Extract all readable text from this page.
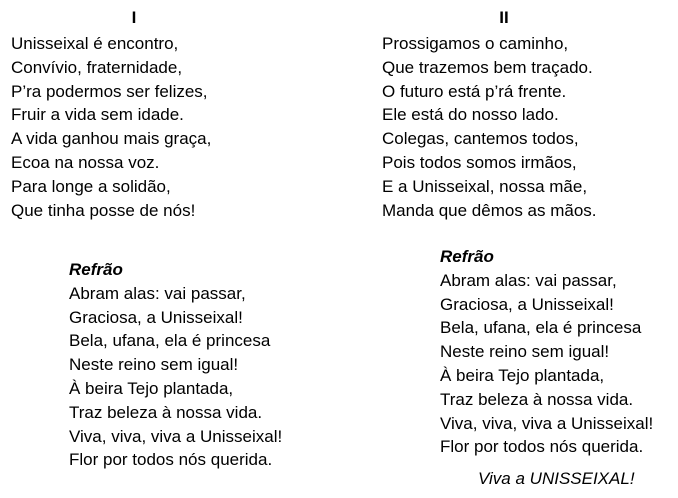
I	II
Unisseixal é encontro,
Convívio, fraternidade,
P’ra podermos ser felizes,
Fruir a vida sem idade.
A vida ganhou mais graça,
Ecoa na nossa voz.
Para longe a solidão,
Que tinha posse de nós!
Prossigamos o caminho,
Que trazemos bem traçado.
O futuro está p’rá frente.
Ele está do nosso lado.
Colegas, cantemos todos,
Pois todos somos irmãos,
E a Unisseixal, nossa mãe,
Manda que dêmos as mãos.
Refrão
Abram alas: vai passar,
Graciosa, a Unisseixal!
Bela, ufana, ela é princesa
Neste reino sem igual!
À beira Tejo plantada,
Traz beleza à nossa vida.
Viva, viva, viva a Unisseixal!
Flor por todos nós querida.
Refrão
Abram alas: vai passar,
Graciosa, a Unisseixal!
Bela, ufana, ela é princesa
Neste reino sem igual!
À beira Tejo plantada,
Traz beleza à nossa vida.
Viva, viva, viva a Unisseixal!
Flor por todos nós querida.
Viva a UNISSEIXAL!
